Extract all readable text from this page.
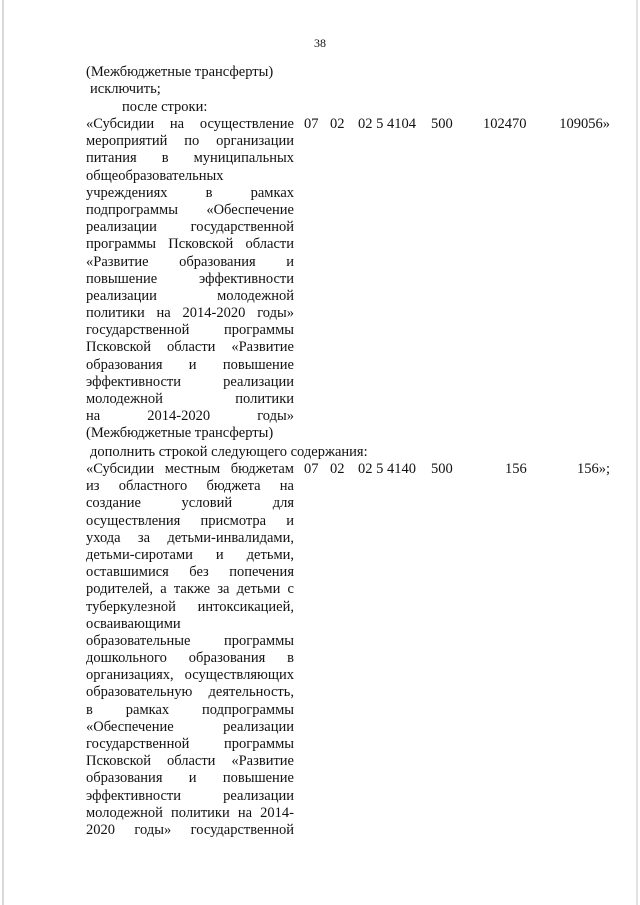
38
(Межбюджетные трансферты)
исключить;
после строки:
«Субсидии на осуществление
мероприятий по организации
питания в муниципальных
общеобразовательных
учреждениях в рамках
подпрограммы «Обеспечение
реализации государственной
программы Псковской области
«Развитие образования и
повышение эффективности
реализации молодежной
политики на 2014-2020 годы»
государственной программы
Псковской области «Развитие
образования и повышение
эффективности реализации
молодежной политики
на 2014-2020 годы»
(Межбюджетные трансферты)
07 02 02 5 4104 500 102470 109056»
дополнить строкой следующего содержания:
«Субсидии местным бюджетам
из областного бюджета на
создание условий для
осуществления присмотра и
ухода за детьми-инвалидами,
детьми-сиротами и детьми,
оставшимися без попечения
родителей, а также за детьми с
туберкулезной интоксикацией,
осваивающими
образовательные программы
дошкольного образования в
организациях, осуществляющих
образовательную деятельность,
в рамках подпрограммы
«Обеспечение реализации
государственной программы
Псковской области «Развитие
образования и повышение
эффективности реализации
молодежной политики на 2014-
2020 годы» государственной
07 02 02 5 4140 500	156	156»;
